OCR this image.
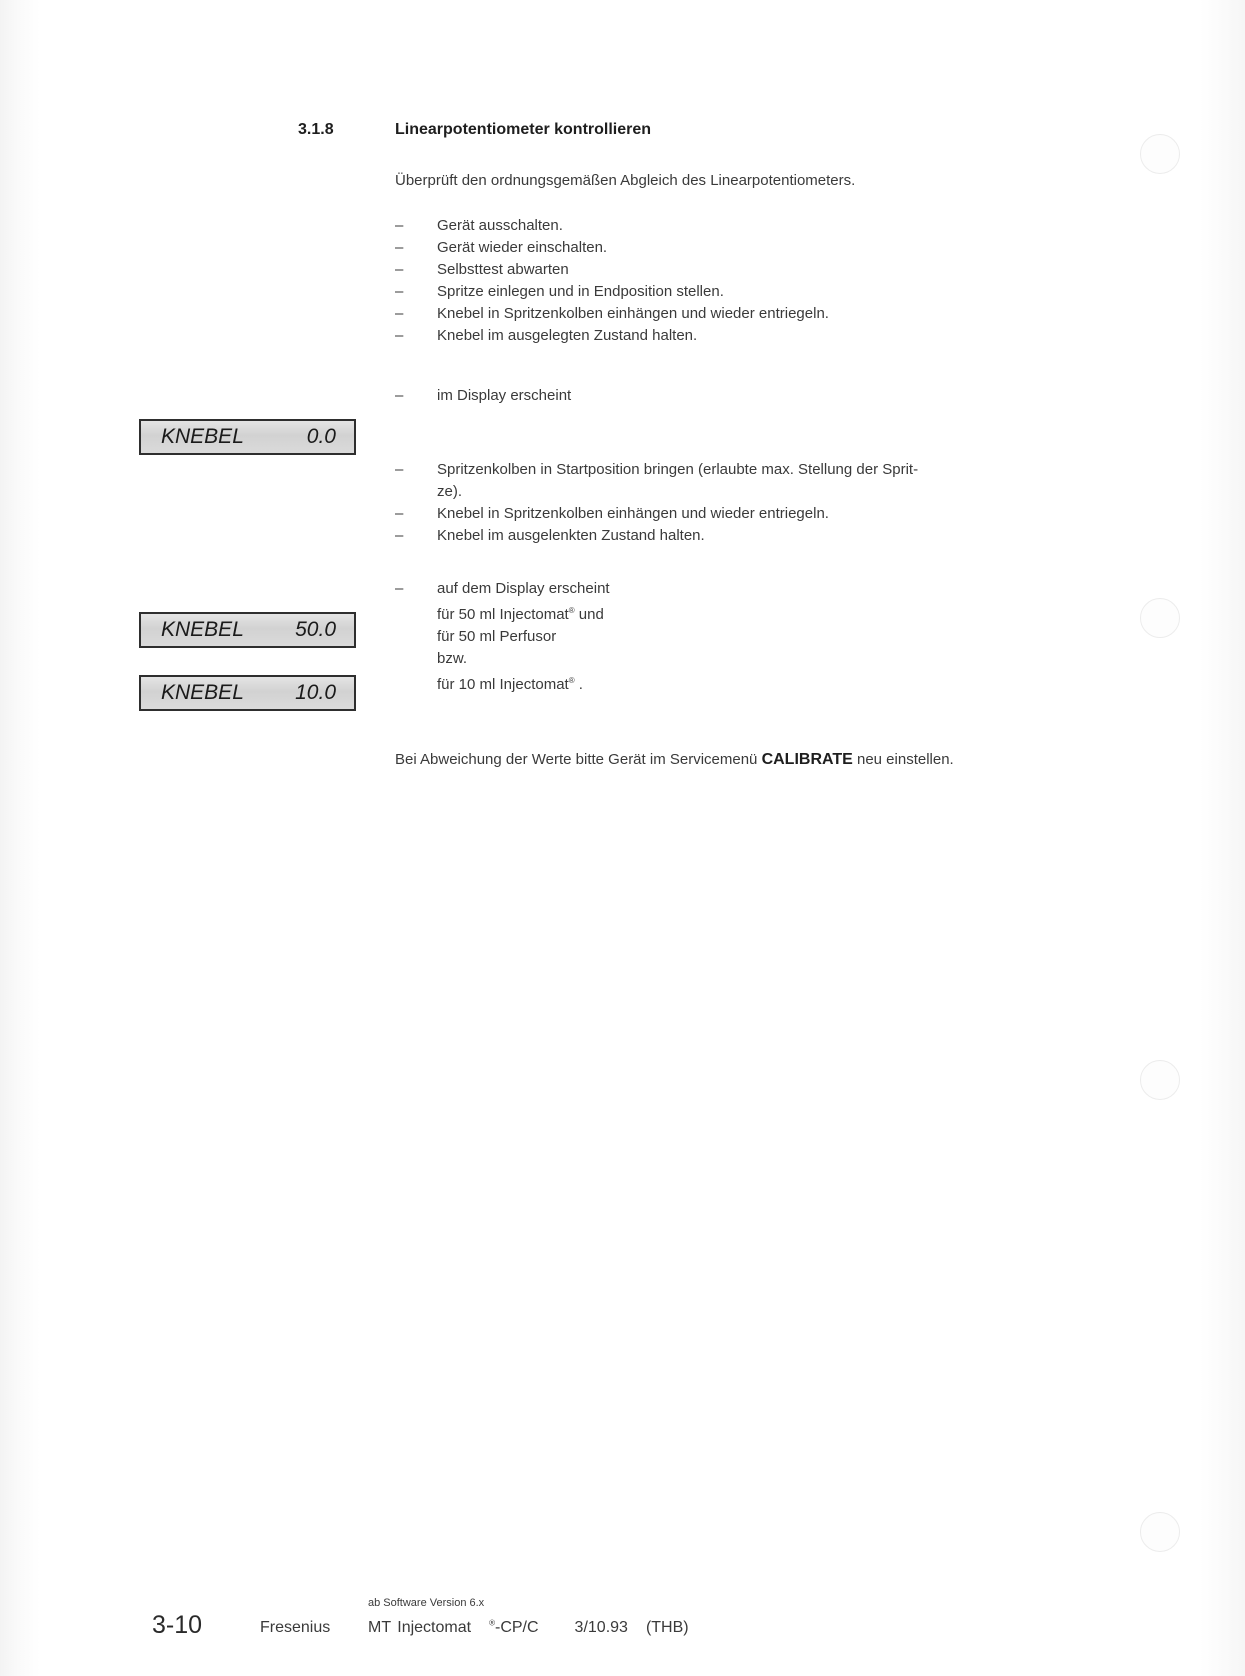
3.1.8	Linearpotentiometer kontrollieren
Überprüft den ordnungsgemäßen Abgleich des Linearpotentiometers.
– Gerät ausschalten.
– Gerät wieder einschalten.
– Selbsttest abwarten
– Spritze einlegen und in Endposition stellen.
– Knebel in Spritzenkolben einhängen und wieder entriegeln.
– Knebel im ausgelegten Zustand halten.
– im Display erscheint
KNEBEL	0.0
– Spritzenkolben in Startposition bringen (erlaubte max. Stellung der Sprit-
ze).
– Knebel in Spritzenkolben einhängen und wieder entriegeln.
– Knebel im ausgelenkten Zustand halten.
– auf dem Display erscheint
für 50 ml Injectomat® und
für 50 ml Perfusor
bzw.
für 10 ml Injectomat® .
KNEBEL 50.0
KNEBEL 10.0

Bei Abweichung der Werte bitte Gerät im Servicemenü CALIBRATE neu einstellen.

ab Software Version 6.x
3-10	Fresenius MT Injectomat ®-CP/C 3/10.93 (THB)
